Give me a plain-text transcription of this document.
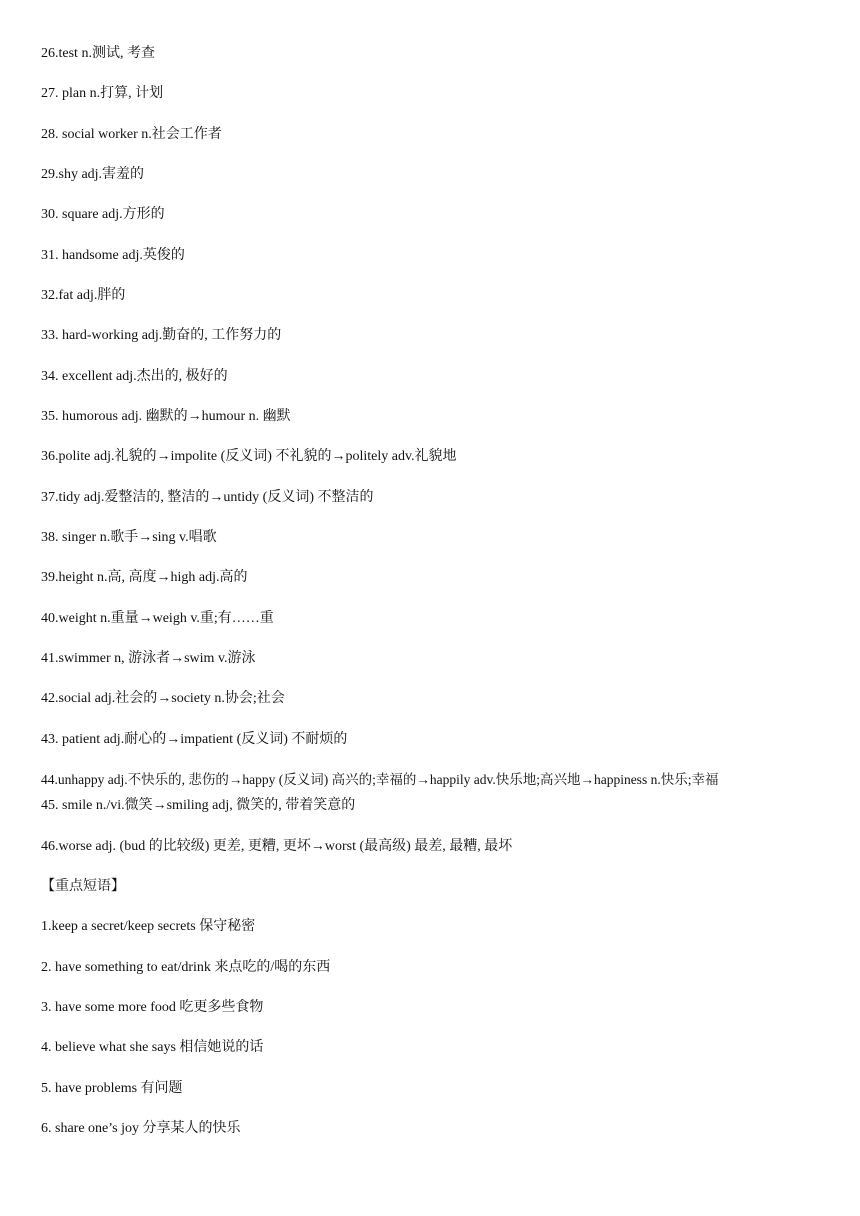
26.test n.测试, 考查
27. plan n.打算, 计划
28. social worker n.社会工作者
29.shy adj.害羞的
30. square adj.方形的
31. handsome adj.英俊的
32.fat adj.胖的
33. hard-working adj.勤奋的, 工作努力的
34. excellent adj.杰出的, 极好的
35. humorous adj. 幽默的→humour n. 幽默
36.polite adj.礼貌的→impolite (反义词) 不礼貌的→politely adv.礼貌地
37.tidy adj.爱整洁的, 整洁的→untidy (反义词) 不整洁的
38. singer n.歌手→sing v.唱歌
39.height n.高, 高度→high adj.高的
40.weight n.重量→weigh v.重;有……重
41.swimmer n, 游泳者→swim v.游泳
42.social adj.社会的→society n.协会;社会
43. patient adj.耐心的→impatient (反义词) 不耐烦的
44.unhappy adj.不快乐的, 悲伤的→happy (反义词) 高兴的;幸福的→happily adv.快乐地;高兴地→happiness n.快乐;幸福
45. smile n./vi.微笑→smiling adj, 微笑的, 带着笑意的
46.worse adj. (bud 的比较级) 更差, 更糟, 更坏→worst (最高级) 最差, 最糟, 最坏
【重点短语】
1.keep a secret/keep secrets 保守秘密
2. have something to eat/drink 来点吃的/喝的东西
3. have some more food 吃更多些食物
4. believe what she says 相信她说的话
5. have problems 有问题
6. share one’s joy 分享某人的快乐
